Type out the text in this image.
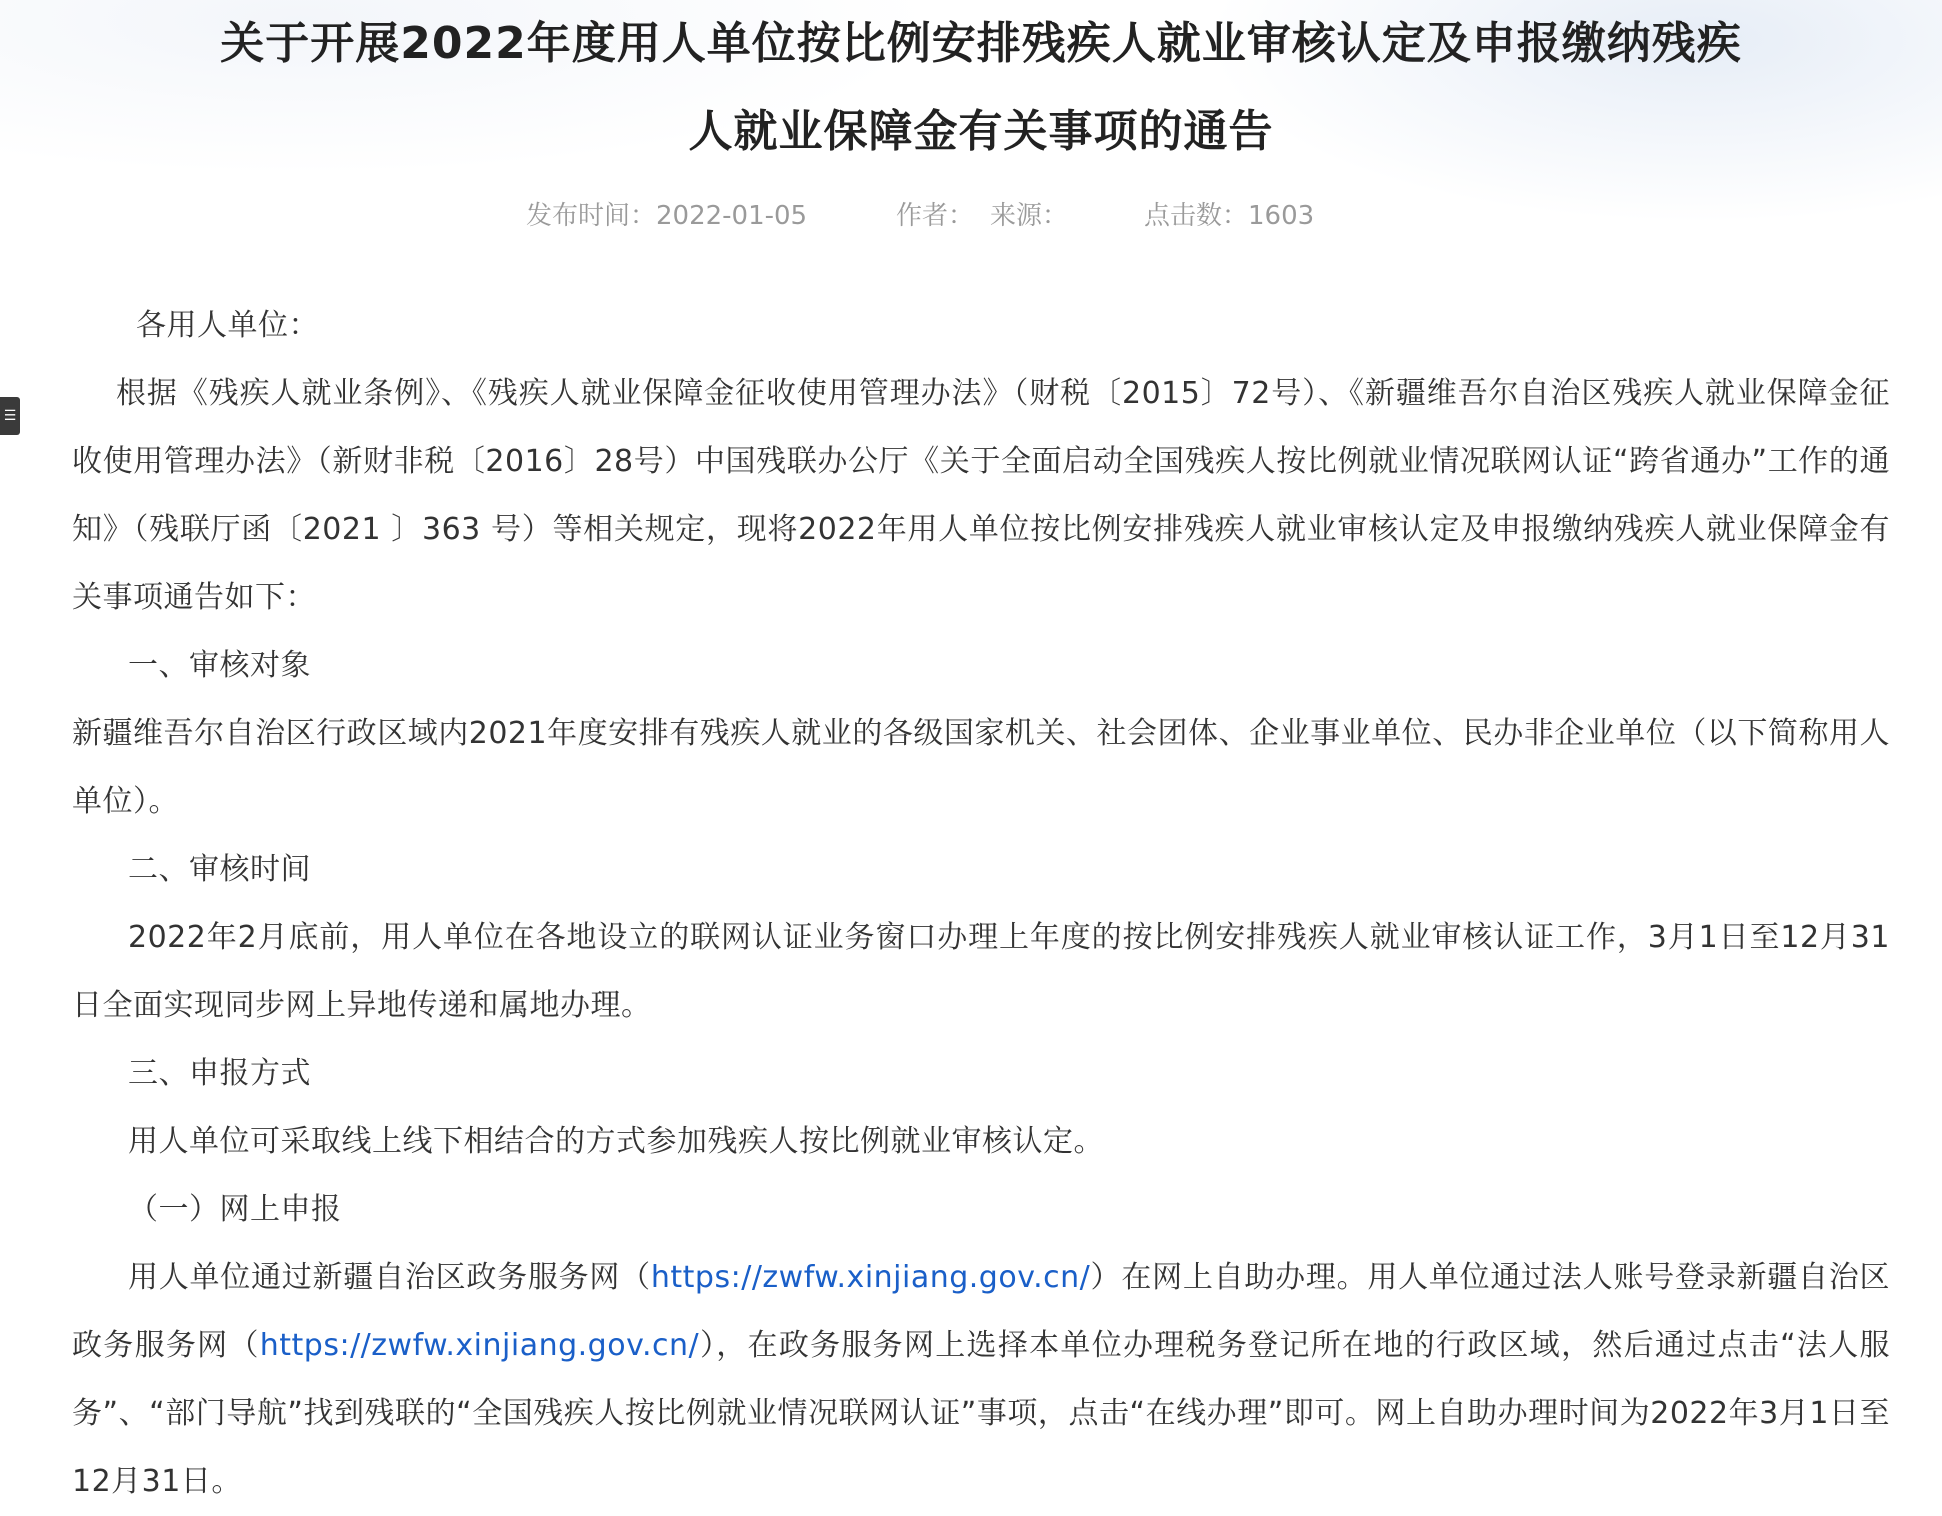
☰
关于开展2022年度用人单位按比例安排残疾人就业审核认定及申报缴纳残疾
人就业保障金有关事项的通告
发布时间：2022-01-05	作者： 来源：	点击数：1603

各用人单位：

根据《残疾人就业条例》、《残疾人就业保障金征收使用管理办法》（财税〔2015〕72号）、《新疆维吾尔自治区残疾人就业保障金征收使用管理办法》（新财非税〔2016〕28号）中国残联办公厅《关于全面启动全国残疾人按比例就业情况联网认证“跨省通办”工作的通知》（残联厅函〔2021 〕363 号）等相关规定，现将2022年用人单位按比例安排残疾人就业审核认定及申报缴纳残疾人就业保障金有关事项通告如下：

一、审核对象

新疆维吾尔自治区行政区域内2021年度安排有残疾人就业的各级国家机关、社会团体、企业事业单位、民办非企业单位（以下简称用人单位）。

二、审核时间

2022年2月底前，用人单位在各地设立的联网认证业务窗口办理上年度的按比例安排残疾人就业审核认证工作，3月1日至12月31日全面实现同步网上异地传递和属地办理。

三、申报方式

用人单位可采取线上线下相结合的方式参加残疾人按比例就业审核认定。

（一）网上申报

用人单位通过新疆自治区政务服务网（https://zwfw.xinjiang.gov.cn/）在网上自助办理。用人单位通过法人账号登录新疆自治区政务服务网（https://zwfw.xinjiang.gov.cn/），在政务服务网上选择本单位办理税务登记所在地的行政区域，然后通过点击“法人服务”、“部门导航”找到残联的“全国残疾人按比例就业情况联网认证”事项，点击“在线办理”即可。网上自助办理时间为2022年3月1日至12月31日。
